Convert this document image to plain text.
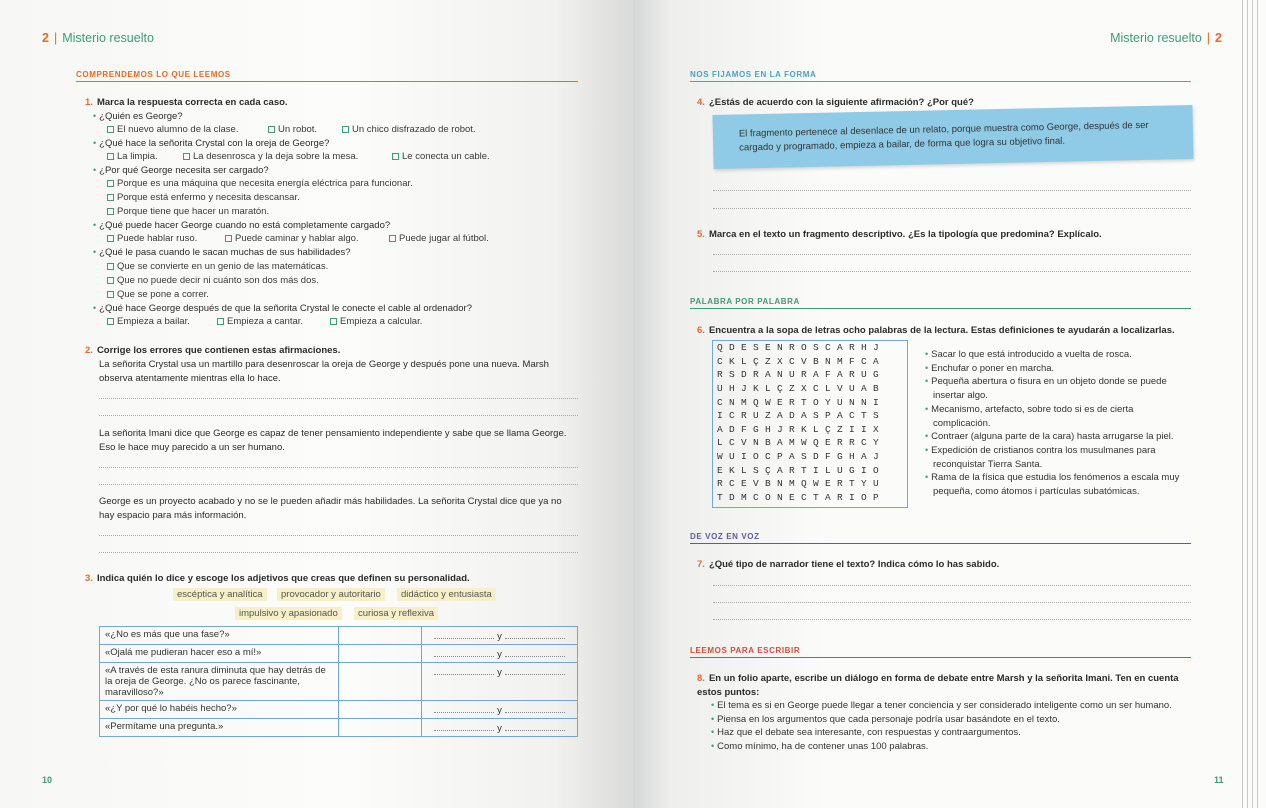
2 | Misterio resuelto
COMPRENDEMOS LO QUE LEEMOS
1. Marca la respuesta correcta en cada caso.
• ¿Quién es George?
El nuevo alumno de la clase.	Un robot.	Un chico disfrazado de robot.
• ¿Qué hace la señorita Crystal con la oreja de George?
La limpia.	La desenrosca y la deja sobre la mesa.	Le conecta un cable.
• ¿Por qué George necesita ser cargado?
Porque es una máquina que necesita energía eléctrica para funcionar.
Porque está enfermo y necesita descansar.
Porque tiene que hacer un maratón.
• ¿Qué puede hacer George cuando no está completamente cargado?
Puede hablar ruso.	Puede caminar y hablar algo.	Puede jugar al fútbol.
• ¿Qué le pasa cuando le sacan muchas de sus habilidades?
Que se convierte en un genio de las matemáticas.
Que no puede decir ni cuánto son dos más dos.
Que se pone a correr.
• ¿Qué hace George después de que la señorita Crystal le conecte el cable al ordenador?
Empieza a bailar.	Empieza a cantar.	Empieza a calcular.
2. Corrige los errores que contienen estas afirmaciones.
La señorita Crystal usa un martillo para desenroscar la oreja de George y después pone una nueva. Marsh observa atentamente mientras ella lo hace.
La señorita Imani dice que George es capaz de tener pensamiento independiente y sabe que se llama George. Eso le hace muy parecido a un ser humano.
George es un proyecto acabado y no se le pueden añadir más habilidades. La señorita Crystal dice que ya no hay espacio para más información.
3. Indica quién lo dice y escoge los adjetivos que creas que definen su personalidad.
escéptica y analítica	provocador y autoritario	didáctico y entusiasta
impulsivo y apasionado	curiosa y reflexiva
«¿No es más que una fase?»		y
«Ojalá me pudieran hacer eso a mí!»		y
«A través de esta ranura diminuta que hay detrás de la oreja de George. ¿No os parece fascinante, maravilloso?»		y
«¿Y por qué lo habéis hecho?»		y
«Permítame una pregunta.»		y
10
Misterio resuelto | 2
11
NOS FIJAMOS EN LA FORMA
4. ¿Estás de acuerdo con la siguiente afirmación? ¿Por qué?
El fragmento pertenece al desenlace de un relato, porque muestra como George, después de ser cargado y programado, empieza a bailar, de forma que logra su objetivo final.
5. Marca en el texto un fragmento descriptivo. ¿Es la tipología que predomina? Explícalo.
PALABRA POR PALABRA
6. Encuentra a la sopa de letras ocho palabras de la lectura. Estas definiciones te ayudarán a localizarlas.
QDESENROSCARHJ
CKLÇZXCVBNMFCA
RSDRANURAFARUG
UHJKLÇZXCLVUAB
CNMQWERTOYUNNI
ICRUZADASPACTS
ADFGHJRKLÇZIIX
LCVNBAMWQERRCY
WUIOCPASDFGHAJ
EKLSÇARTILUGIO
RCEVBNMQWERTYU
TDMCONECTARIOP
• Sacar lo que está introducido a vuelta de rosca.
• Enchufar o poner en marcha.
• Pequeña abertura o fisura en un objeto donde se puede insertar algo.
• Mecanismo, artefacto, sobre todo si es de cierta complicación.
• Contraer (alguna parte de la cara) hasta arrugarse la piel.
• Expedición de cristianos contra los musulmanes para reconquistar Tierra Santa.
• Rama de la física que estudia los fenómenos a escala muy pequeña, como átomos i partículas subatómicas.
DE VOZ EN VOZ
7. ¿Qué tipo de narrador tiene el texto? Indica cómo lo has sabido.
LEEMOS PARA ESCRIBIR
8. En un folio aparte, escribe un diálogo en forma de debate entre Marsh y la señorita Imani. Ten en cuenta estos puntos:
• El tema es si en George puede llegar a tener conciencia y ser considerado inteligente como un ser humano.
• Piensa en los argumentos que cada personaje podría usar basándote en el texto.
• Haz que el debate sea interesante, con respuestas y contraargumentos.
• Como mínimo, ha de contener unas 100 palabras.
